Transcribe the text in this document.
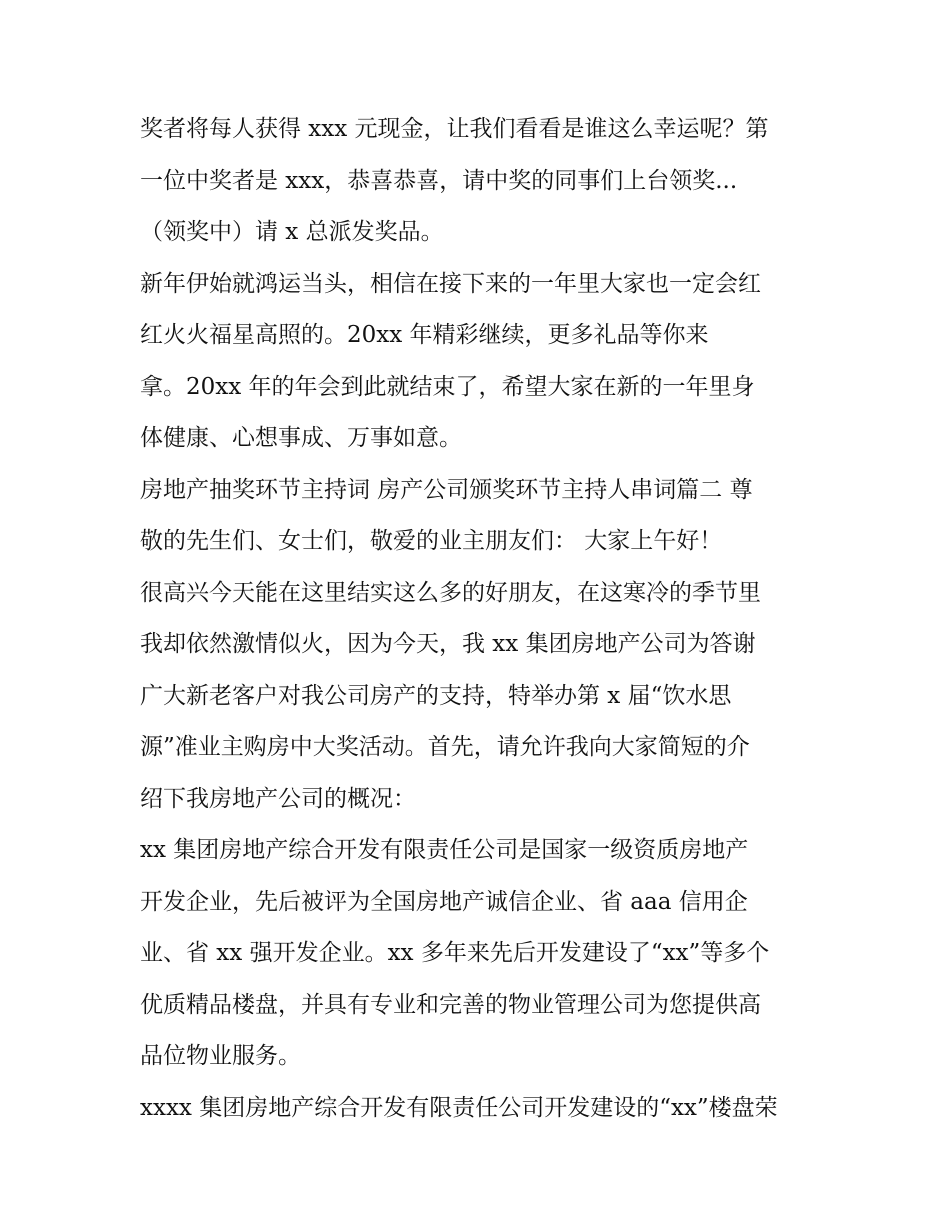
奖者将每人获得 xxx 元现金，让我们看看是谁这么幸运呢？第
一位中奖者是 xxx，恭喜恭喜，请中奖的同事们上台领奖...
（领奖中）请 x 总派发奖品。
新年伊始就鸿运当头，相信在接下来的一年里大家也一定会红
红火火福星高照的。20xx 年精彩继续，更多礼品等你来
拿。20xx 年的年会到此就结束了，希望大家在新的一年里身
体健康、心想事成、万事如意。
房地产抽奖环节主持词 房产公司颁奖环节主持人串词篇二 尊
敬的先生们、女士们，敬爱的业主朋友们： 大家上午好！
很高兴今天能在这里结实这么多的好朋友，在这寒冷的季节里
我却依然激情似火，因为今天，我 xx 集团房地产公司为答谢
广大新老客户对我公司房产的支持，特举办第 x 届“饮水思
源”准业主购房中大奖活动。首先，请允许我向大家简短的介
绍下我房地产公司的概况：
xx 集团房地产综合开发有限责任公司是国家一级资质房地产
开发企业，先后被评为全国房地产诚信企业、省 aaa 信用企
业、省 xx 强开发企业。xx 多年来先后开发建设了“xx”等多个
优质精品楼盘，并具有专业和完善的物业管理公司为您提供高
品位物业服务。
xxxx 集团房地产综合开发有限责任公司开发建设的“xx”楼盘荣
